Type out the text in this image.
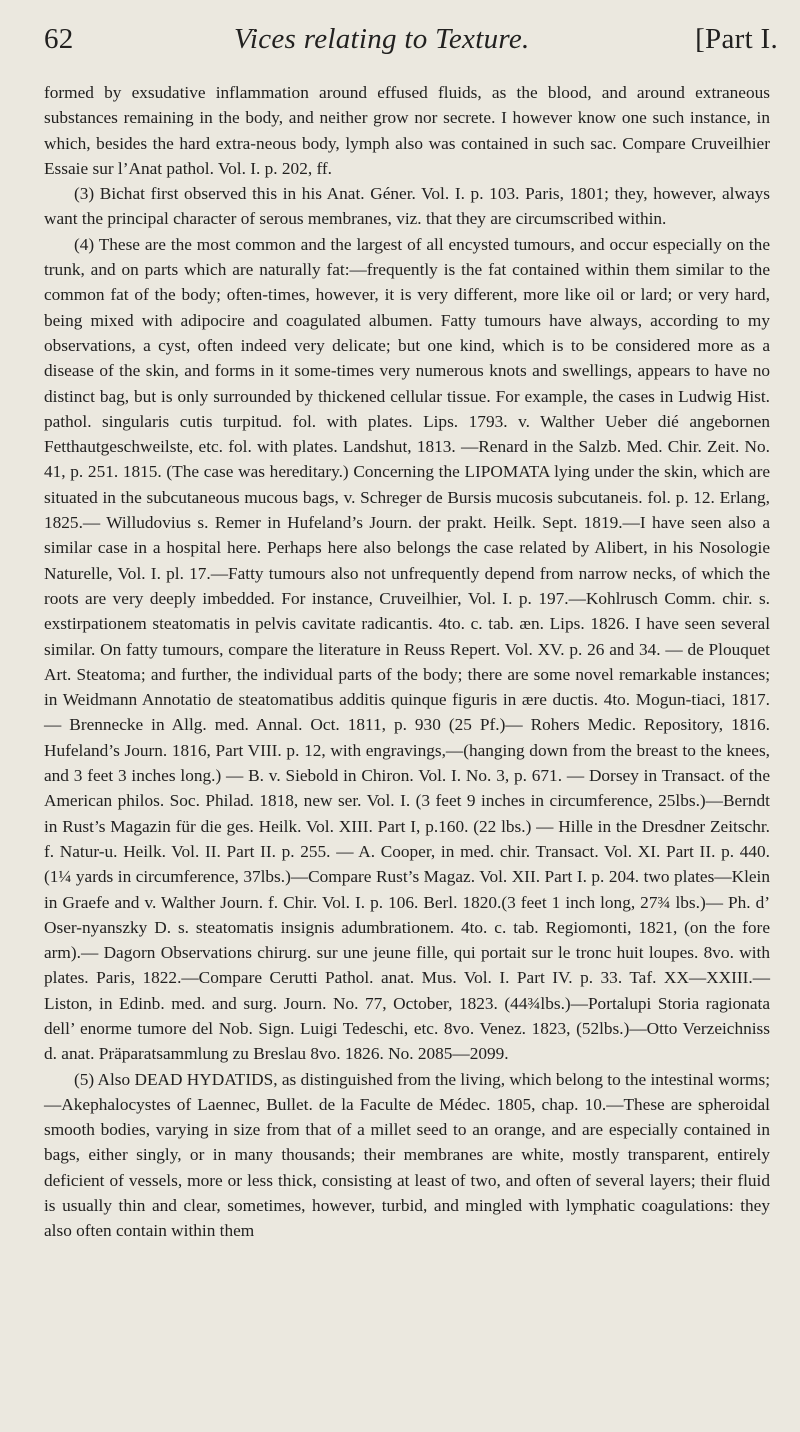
62	Vices relating to Texture.	[Part I.

formed by exsudative inflammation around effused fluids, as the blood, and around extraneous substances remaining in the body, and neither grow nor secrete. I however know one such instance, in which, besides the hard extra-neous body, lymph also was contained in such sac. Compare Cruveilhier Essaie sur l’Anat pathol. Vol. I. p. 202, ff.

(3) Bichat first observed this in his Anat. Géner. Vol. I. p. 103. Paris, 1801; they, however, always want the principal character of serous membranes, viz. that they are circumscribed within.

(4) These are the most common and the largest of all encysted tumours, and occur especially on the trunk, and on parts which are naturally fat:—frequently is the fat contained within them similar to the common fat of the body; often-times, however, it is very different, more like oil or lard; or very hard, being mixed with adipocire and coagulated albumen. Fatty tumours have always, according to my observations, a cyst, often indeed very delicate; but one kind, which is to be considered more as a disease of the skin, and forms in it some-times very numerous knots and swellings, appears to have no distinct bag, but is only surrounded by thickened cellular tissue. For example, the cases in Ludwig Hist. pathol. singularis cutis turpitud. fol. with plates. Lips. 1793. v. Walther Ueber dié angebornen Fetthautgeschweilste, etc. fol. with plates. Landshut, 1813. —Renard in the Salzb. Med. Chir. Zeit. No. 41, p. 251. 1815. (The case was hereditary.) Concerning the LIPOMATA lying under the skin, which are situated in the subcutaneous mucous bags, v. Schreger de Bursis mucosis subcutaneis. fol. p. 12. Erlang, 1825.— Willudovius s. Remer in Hufeland’s Journ. der prakt. Heilk. Sept. 1819.—I have seen also a similar case in a hospital here. Perhaps here also belongs the case related by Alibert, in his Nosologie Naturelle, Vol. I. pl. 17.—Fatty tumours also not unfrequently depend from narrow necks, of which the roots are very deeply imbedded. For instance, Cruveilhier, Vol. I. p. 197.—Kohlrusch Comm. chir. s. exstirpationem steatomatis in pelvis cavitate radicantis. 4to. c. tab. æn. Lips. 1826. I have seen several similar. On fatty tumours, compare the literature in Reuss Repert. Vol. XV. p. 26 and 34. — de Plouquet Art. Steatoma; and further, the individual parts of the body; there are some novel remarkable instances; in Weidmann Annotatio de steatomatibus additis quinque figuris in ære ductis. 4to. Mogun-tiaci, 1817.— Brennecke in Allg. med. Annal. Oct. 1811, p. 930 (25 Pf.)— Rohers Medic. Repository, 1816. Hufeland’s Journ. 1816, Part VIII. p. 12, with engravings,—(hanging down from the breast to the knees, and 3 feet 3 inches long.) — B. v. Siebold in Chiron. Vol. I. No. 3, p. 671. — Dorsey in Transact. of the American philos. Soc. Philad. 1818, new ser. Vol. I. (3 feet 9 inches in circumference, 25lbs.)—Berndt in Rust’s Magazin für die ges. Heilk. Vol. XIII. Part I, p.160. (22 lbs.) — Hille in the Dresdner Zeitschr. f. Natur-u. Heilk. Vol. II. Part II. p. 255. — A. Cooper, in med. chir. Transact. Vol. XI. Part II. p. 440. (1¼ yards in circumference, 37lbs.)—Compare Rust’s Magaz. Vol. XII. Part I. p. 204. two plates—Klein in Graefe and v. Walther Journ. f. Chir. Vol. I. p. 106. Berl. 1820.(3 feet 1 inch long, 27¾ lbs.)— Ph. d’ Oser-nyanszky D. s. steatomatis insignis adumbrationem. 4to. c. tab. Regiomonti, 1821, (on the fore arm).— Dagorn Observations chirurg. sur une jeune fille, qui portait sur le tronc huit loupes. 8vo. with plates. Paris, 1822.—Compare Cerutti Pathol. anat. Mus. Vol. I. Part IV. p. 33. Taf. XX—XXIII.—Liston, in Edinb. med. and surg. Journ. No. 77, October, 1823. (44¾lbs.)—Portalupi Storia ragionata dell’ enorme tumore del Nob. Sign. Luigi Tedeschi, etc. 8vo. Venez. 1823, (52lbs.)—Otto Verzeichniss d. anat. Präparatsammlung zu Breslau 8vo. 1826. No. 2085—2099.

(5) Also DEAD HYDATIDS, as distinguished from the living, which belong to the intestinal worms;—Akephalocystes of Laennec, Bullet. de la Faculte de Médec. 1805, chap. 10.—These are spheroidal smooth bodies, varying in size from that of a millet seed to an orange, and are especially contained in bags, either singly, or in many thousands; their membranes are white, mostly transparent, entirely deficient of vessels, more or less thick, consisting at least of two, and often of several layers; their fluid is usually thin and clear, sometimes, however, turbid, and mingled with lymphatic coagulations: they also often contain within them
